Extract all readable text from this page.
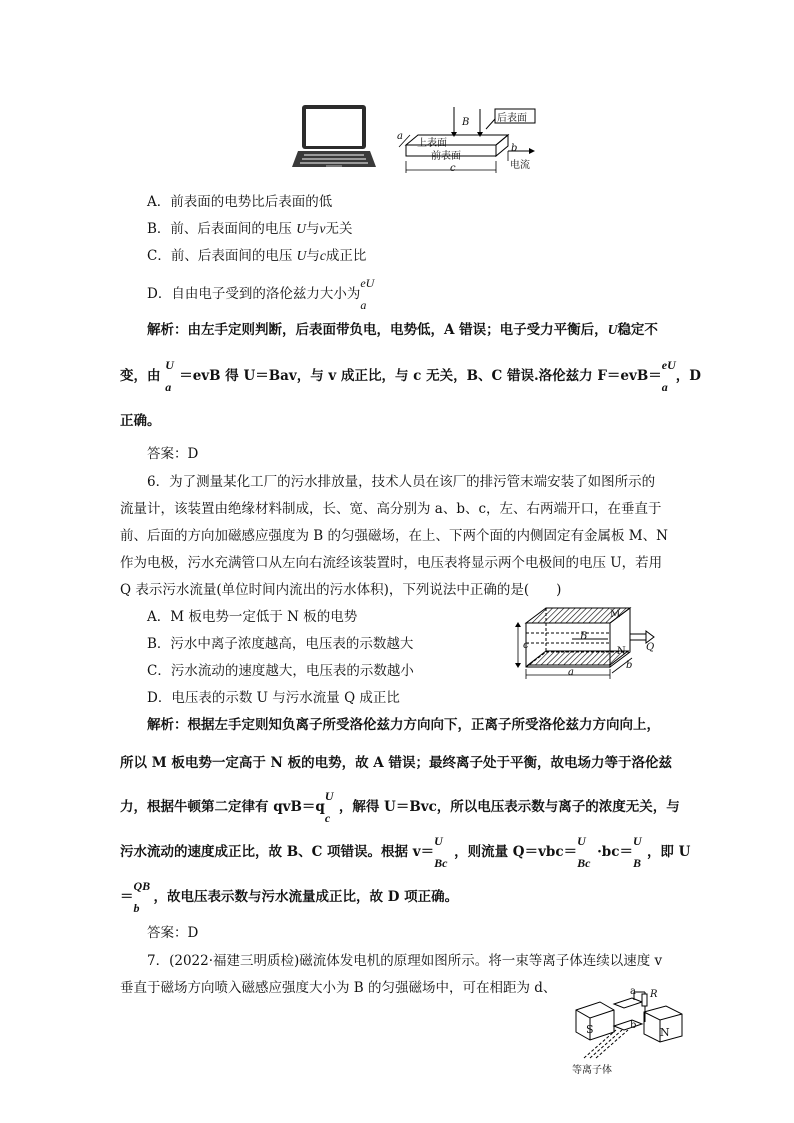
后表面
上表面
前表面
电流
B
a
b
c
A．前表面的电势比后表面的低
B．前、后表面间的电压 U与v无关
C．前、后表面间的电压 U与c成正比
D．自由电子受到的洛伦兹力大小为
eU
a
解析：由左手定则判断，后表面带负电，电势低，A 错误；电子受力平衡后，U稳定不
变，由
U
a
＝evB 得 U＝Bav，与 v 成正比，与 c 无关，B、C 错误.洛伦兹力 F＝evB＝
eU
a
，D
正确。
答案：D
6．为了测量某化工厂的污水排放量，技术人员在该厂的排污管末端安装了如图所示的
流量计，该装置由绝缘材料制成，长、宽、高分别为 a、b、c，左、右两端开口，在垂直于
前、后面的方向加磁感应强度为 B 的匀强磁场，在上、下两个面的内侧固定有金属板 M、N
作为电极，污水充满管口从左向右流经该装置时，电压表将显示两个电极间的电压 U，若用
Q 表示污水流量(单位时间内流出的污水体积)，下列说法中正确的是(　　)
A．M 板电势一定低于 N 板的电势
B．污水中离子浓度越高，电压表的示数越大
C．污水流动的速度越大，电压表的示数越小
D．电压表的示数 U 与污水流量 Q 成正比
M
N
B
Q
c
a
b
解析：根据左手定则知负离子所受洛伦兹力方向向下，正离子所受洛伦兹力方向向上，
所以 M 板电势一定高于 N 板的电势，故 A 错误；最终离子处于平衡，故电场力等于洛伦兹
力，根据牛顿第二定律有 qvB＝q
U
c
，解得 U＝Bvc，所以电压表示数与离子的浓度无关，与
污水流动的速度成正比，故 B、C 项错误。根据 v＝
U
Bc
，则流量 Q＝vbc＝
U
Bc
·bc＝
U
B
，即 U
＝
QB
b
，故电压表示数与污水流量成正比，故 D 项正确。
答案：D
7．(2022·福建三明质检)磁流体发电机的原理如图所示。将一束等离子体连续以速度 v
垂直于磁场方向喷入磁感应强度大小为 B 的匀强磁场中，可在相距为 d、
S	N
R
a
b
等离子体
